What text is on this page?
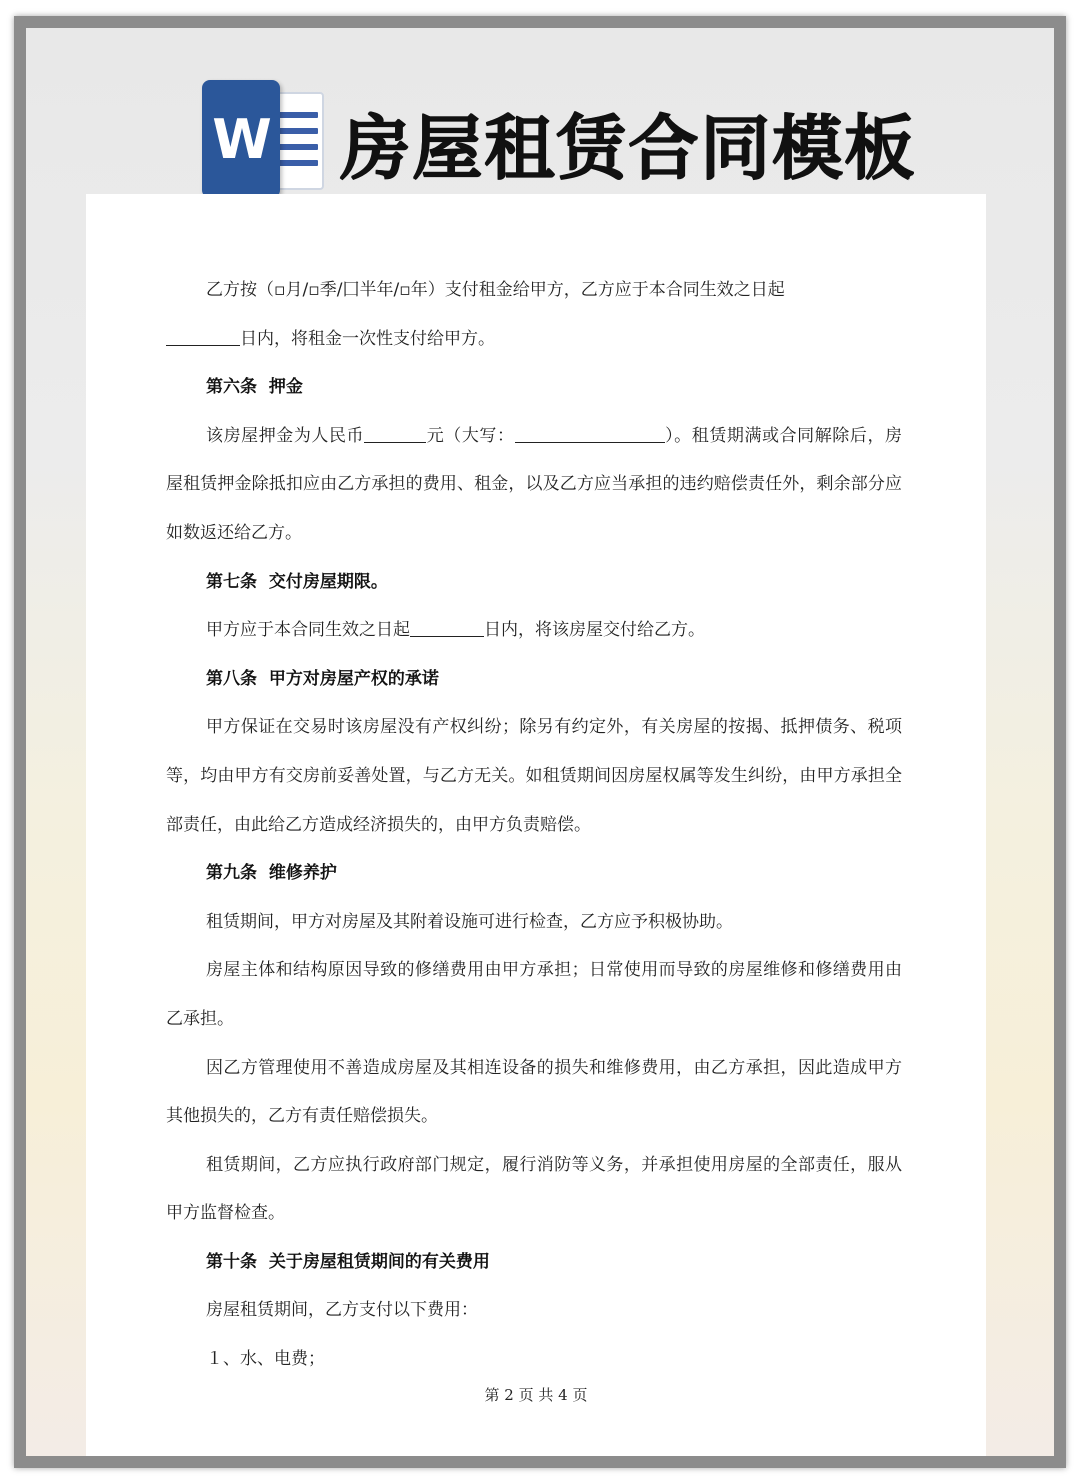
W 房屋租赁合同模板

乙方按（▫月/▫季/囗半年/▫年）支付租金给甲方，乙方应于本合同生效之日起
日内，将租金一次性支付给甲方。

第六条  押金

该房屋押金为人民币	元（大写：	）。租赁期满或合同解除后，房屋租赁押金除抵扣应由乙方承担的费用、租金，以及乙方应当承担的违约赔偿责任外，剩余部分应如数返还给乙方。

第七条  交付房屋期限。

甲方应于本合同生效之日起	日内，将该房屋交付给乙方。

第八条  甲方对房屋产权的承诺

甲方保证在交易时该房屋没有产权纠纷；除另有约定外，有关房屋的按揭、抵押债务、税项等，均由甲方有交房前妥善处置，与乙方无关。如租赁期间因房屋权属等发生纠纷，由甲方承担全部责任，由此给乙方造成经济损失的，由甲方负责赔偿。

第九条  维修养护

租赁期间，甲方对房屋及其附着设施可进行检查，乙方应予积极协助。

房屋主体和结构原因导致的修缮费用由甲方承担；日常使用而导致的房屋维修和修缮费用由乙承担。

因乙方管理使用不善造成房屋及其相连设备的损失和维修费用，由乙方承担，因此造成甲方其他损失的，乙方有责任赔偿损失。

租赁期间，乙方应执行政府部门规定，履行消防等义务，并承担使用房屋的全部责任，服从甲方监督检查。

第十条  关于房屋租赁期间的有关费用

房屋租赁期间，乙方支付以下费用：

１、水、电费；

第 2 页 共 4 页
